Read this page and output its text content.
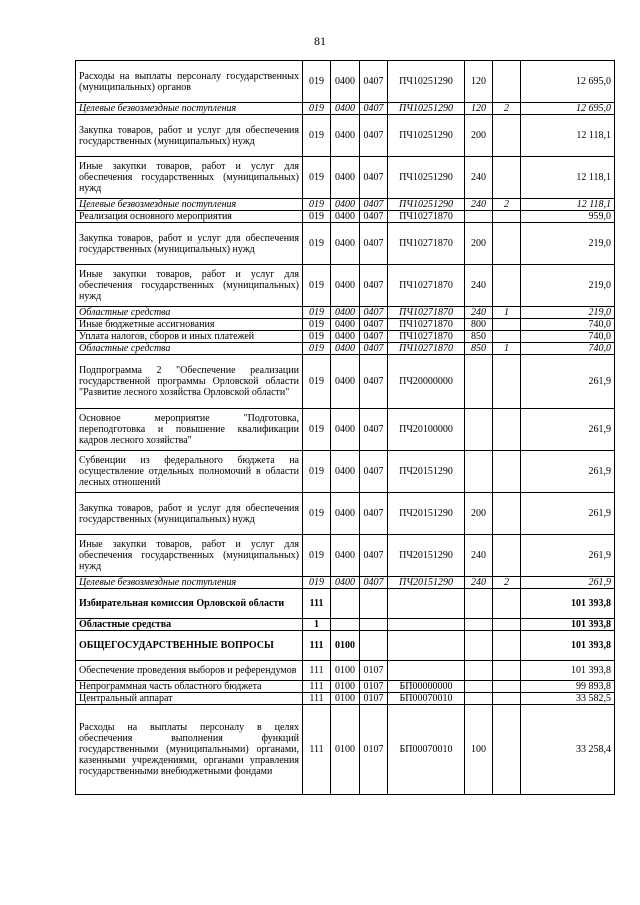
81
Расходы на выплаты персоналу государственных (муниципальных) органов	019	0400	0407	ПЧ10251290	120		12 695,0
Целевые безвозмездные поступления	019	0400	0407	ПЧ10251290	120	2	12 695,0
Закупка товаров, работ и услуг для обеспечения государственных (муниципальных) нужд	019	0400	0407	ПЧ10251290	200		12 118,1
Иные закупки товаров, работ и услуг для обеспечения государственных (муниципальных) нужд	019	0400	0407	ПЧ10251290	240		12 118,1
Целевые безвозмездные поступления	019	0400	0407	ПЧ10251290	240	2	12 118,1
Реализация основного мероприятия	019	0400	0407	ПЧ10271870			959,0
Закупка товаров, работ и услуг для обеспечения государственных (муниципальных) нужд	019	0400	0407	ПЧ10271870	200		219,0
Иные закупки товаров, работ и услуг для обеспечения государственных (муниципальных) нужд	019	0400	0407	ПЧ10271870	240		219,0
Областные средства	019	0400	0407	ПЧ10271870	240	1	219,0
Иные бюджетные ассигнования	019	0400	0407	ПЧ10271870	800		740,0
Уплата налогов, сборов и иных платежей	019	0400	0407	ПЧ10271870	850		740,0
Областные средства	019	0400	0407	ПЧ10271870	850	1	740,0
Подпрограмма 2 "Обеспечение реализации государственной программы Орловской области "Развитие лесного хозяйства Орловской области"	019	0400	0407	ПЧ20000000			261,9
Основное мероприятие "Подготовка, переподготовка и повышение квалификации кадров лесного хозяйства"	019	0400	0407	ПЧ20100000			261,9
Субвенции из федерального бюджета на осуществление отдельных полномочий в области лесных отношений	019	0400	0407	ПЧ20151290			261,9
Закупка товаров, работ и услуг для обеспечения государственных (муниципальных) нужд	019	0400	0407	ПЧ20151290	200		261,9
Иные закупки товаров, работ и услуг для обеспечения государственных (муниципальных) нужд	019	0400	0407	ПЧ20151290	240		261,9
Целевые безвозмездные поступления	019	0400	0407	ПЧ20151290	240	2	261,9
Избирательная комиссия Орловской области	111						101 393,8
Областные средства	1						101 393,8
ОБЩЕГОСУДАРСТВЕННЫЕ ВОПРОСЫ	111	0100					101 393,8
Обеспечение проведения выборов и референдумов	111	0100	0107				101 393,8
Непрограммная часть областного бюджета	111	0100	0107	БП00000000			99 893,8
Центральный аппарат	111	0100	0107	БП00070010			33 582,5
Расходы на выплаты персоналу в целях обеспечения выполнения функций государственными (муниципальными) органами, казенными учреждениями, органами управления государственными внебюджетными фондами	111	0100	0107	БП00070010	100		33 258,4
